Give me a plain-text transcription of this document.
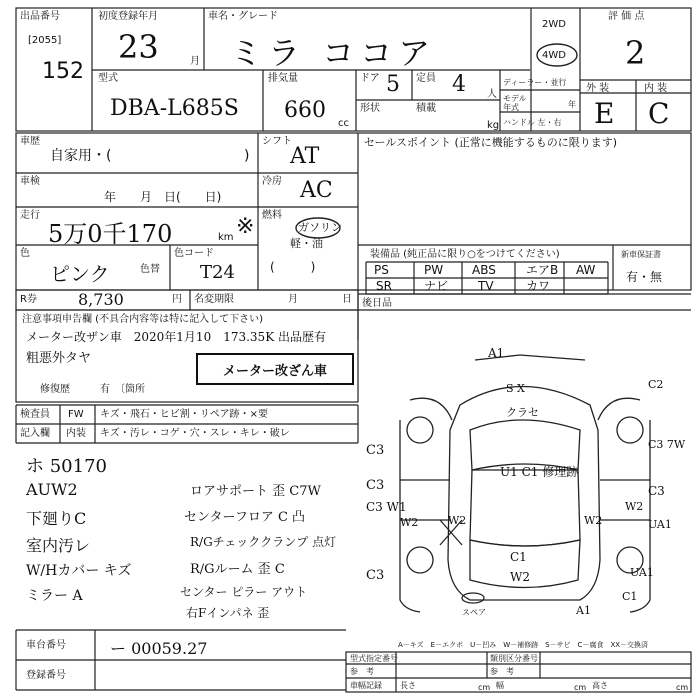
出品番号
[2055]
152
初度登録年月
23	月
車名・グレード
ミラ ココア
2WD
4WD
評 価 点
2
外 装	内 装
E C
型式
DBA-L685S
排気量
660
cc
ドア 5 定員 4 人
形状	積載
kg
ディーラー・並行
モデル 年式	年
ハンドル 左・右
車歴
自家用・(	)
車検
年　　月　日(　　日)
走行
5万0千170	km ※
色
ピンク	色替
色コード
T24
R券	8,730	円 名変期限	月	日
シフト
AT
冷房 AC
燃料
ガソリン
軽・油
(　　　)
セールスポイント (正常に機能するものに限ります)
装備品 (純正品に限り○をつけてください)
PS	PW ABS	エアB AW
SR	ナビ TV	カワ
新車保証書
有・無
後日品
注意事項申告欄 (不具合内容等は特に記入して下さい)
メーター改ザン車　2020年1月10　173.35K 出品歴有
粗悪外タヤ
修復歴	有　〔箇所
メーター改ざん車
検査員
記入欄
FW キズ・飛石・ヒビ割・リペア跡・×要
内装 キズ・汚レ・コゲ・穴・スレ・キレ・破レ
ホ 50170
AUW2
下廻りC
室内汚レ
W/Hカバー キズ
ミラー A
ロアサポート 歪 C7W
センターフロア C 凸
R/Gチェッククランプ 点灯
R/Gルーム 歪 C
センター ピラー アウト
右Fインパネ 歪
A1
S X
クラセ
C2
C3	C3 7W
C3
U1 C1 修理跡
C3
C3 W1
W2	W2	W2
W2
UA1
C3
C1
W2	UA1
C1
A1
スペア
車台番号	ー 00059.27
登録番号
A－キズ　E－エクボ　U－凹み　W－補修跡　S－サビ　C－腐食　XX－交換済
型式指定番号	類別区分番号
参　考	参　考
車幅記録 長さ	cm 幅	cm 高さ	cm
